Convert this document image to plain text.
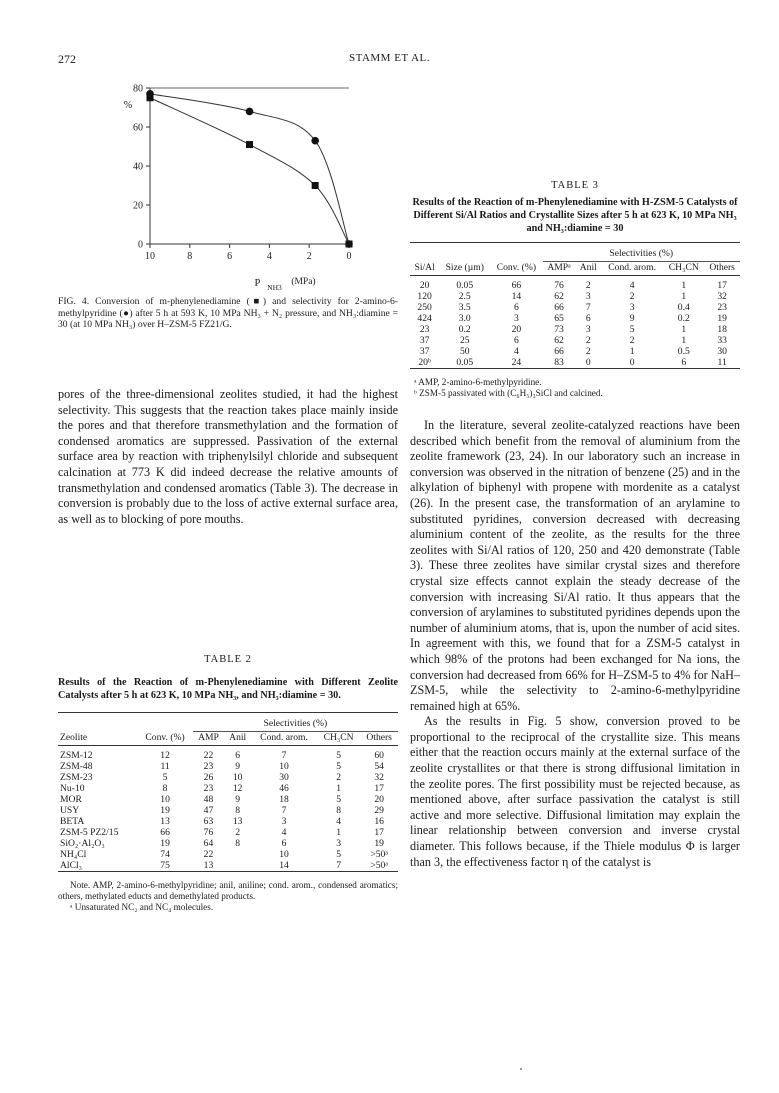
272	STAMM ET AL.
80
60
40
20
0
%
10	8	6	4	2	0
P NH3
(MPa)
FIG. 4. Conversion of m-phenylenediamine (■) and selectivity for 2-amino-6-methylpyridine (●) after 5 h at 593 K, 10 MPa NH₃ + N₂ pressure, and NH₃:diamine = 30 (at 10 MPa NH₃) over H–ZSM-5 FZ21/G.

pores of the three-dimensional zeolites studied, it had the highest selectivity. This suggests that the reaction takes place mainly inside the pores and that therefore transmethylation and the formation of condensed aromatics are suppressed. Passivation of the external surface area by reaction with triphenylsilyl chloride and subsequent calcination at 773 K did indeed decrease the relative amounts of transmethylation and condensed aromatics (Table 3). The decrease in conversion is probably due to the loss of active external surface area, as well as to blocking of pore mouths.

TABLE 3
Results of the Reaction of m-Phenylenediamine with H-ZSM-5 Catalysts of Different Si/Al Ratios and Crystallite Sizes after 5 h at 623 K, 10 MPa NH₃ and NH₃:diamine = 30
			Selectivities (%)				
Si/Al	Size (µm)	Conv. (%)	AMPᵃ	Anil	Cond. arom.	CH₃CN	Others
20	0.05	66	76	2	4	1	17
120	2.5	14	62	3	2	1	32
250	3.5	6	66	7	3	0.4	23
424	3.0	3	65	6	9	0.2	19
23	0.2	20	73	3	5	1	18
37	25	6	62	2	2	1	33
37	50	4	66	2	1	0.5	30
20ᵇ	0.05	24	83	0	0	6	11

ᵃ AMP, 2-amino-6-methylpyridine.

ᵇ ZSM-5 passivated with (C₆H₅)₃SiCl and calcined.

TABLE 2
Results of the Reaction of m-Phenylenediamine with Different Zeolite Catalysts after 5 h at 623 K, 10 MPa NH₃, and NH₃:diamine = 30.
		Selectivities (%)				
Zeolite	Conv. (%)	AMP	Anil	Cond. arom.	CH₃CN	Others
ZSM-12	12	22	6	7	5	60
ZSM-48	11	23	9	10	5	54
ZSM-23	5	26	10	30	2	32
Nu-10	8	23	12	46	1	17
MOR	10	48	9	18	5	20
USY	19	47	8	7	8	29
BETA	13	63	13	3	4	16
ZSM-5 PZ2/15	66	76	2	4	1	17
SiO₂·Al₂O₃	19	64	8	6	3	19
NH₄Cl	74	22		10	5	>50ᵃ
AlCl₃	75	13		14	7	>50ᵃ

Note. AMP, 2-amino-6-methylpyridine; anil, aniline; cond. arom., condensed aromatics; others, methylated educts and demethylated products.

ᵃ Unsaturated NC₂ and NC₄ molecules.

In the literature, several zeolite-catalyzed reactions have been described which benefit from the removal of aluminium from the zeolite framework (23, 24). In our laboratory such an increase in conversion was observed in the nitration of benzene (25) and in the alkylation of biphenyl with propene with mordenite as a catalyst (26). In the present case, the transformation of an arylamine to substituted pyridines, conversion decreased with decreasing aluminium content of the zeolite, as the results for the three zeolites with Si/Al ratios of 120, 250 and 420 demonstrate (Table 3). These three zeolites have similar crystal sizes and therefore crystal size effects cannot explain the steady decrease of the conversion with increasing Si/Al ratio. It thus appears that the conversion of arylamines to substituted pyridines depends upon the number of aluminium atoms, that is, upon the number of acid sites. In agreement with this, we found that for a ZSM-5 catalyst in which 98% of the protons had been exchanged for Na ions, the conversion had decreased from 66% for H–ZSM-5 to 4% for NaH–ZSM-5, while the selectivity to 2-amino-6-methylpyridine remained high at 65%.

As the results in Fig. 5 show, conversion proved to be proportional to the reciprocal of the crystallite size. This means either that the reaction occurs mainly at the external surface of the zeolite crystallites or that there is strong diffusional limitation in the zeolite pores. The first possibility must be rejected because, as mentioned above, after surface passivation the catalyst is still active and more selective. Diffusional limitation may explain the linear relationship between conversion and inverse crystal diameter. This follows because, if the Thiele modulus Φ is larger than 3, the effectiveness factor η of the catalyst is
